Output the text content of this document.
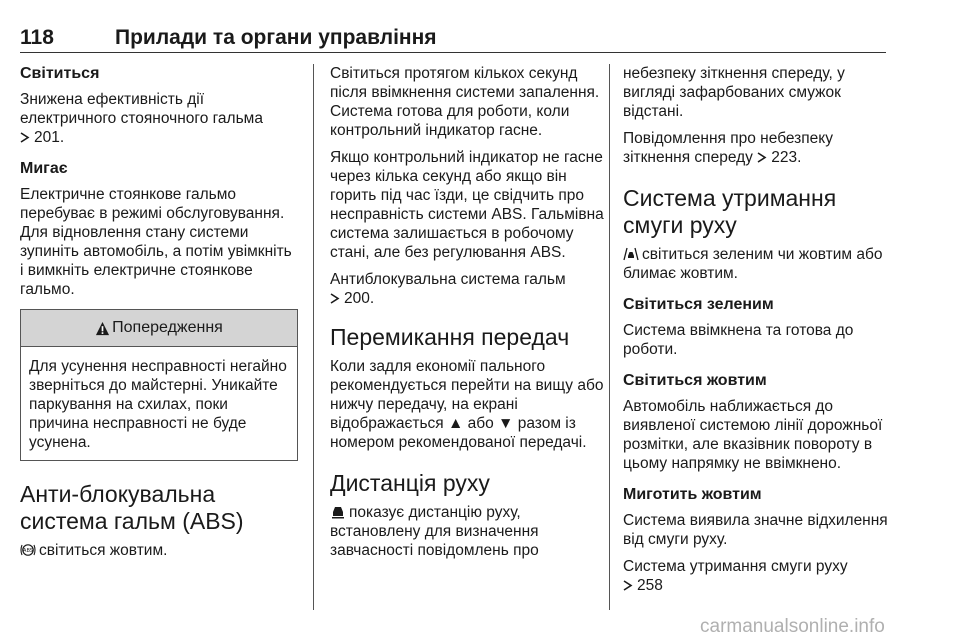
118	Прилади та органи управління
Світиться

Знижена ефективність дії електричного стояночного гальма
201.

Мигає

Електричне стоянкове гальмо перебуває в режимі обслуговування. Для відновлення стану системи зупиніть автомобіль, а потім увімкніть і вимкніть електричне стоянкове гальмо.

Попередження
Для усунення несправності негайно зверніться до майстерні. Уникайте паркування на схилах, поки причина несправності не буде усунена.
Анти-блокувальна система гальм (ABS)

ABS світиться жовтим.

Світиться протягом кількох секунд після ввімкнення системи запалення. Система готова для роботи, коли контрольний індикатор гасне.

Якщо контрольний індикатор не гасне через кілька секунд або якщо він горить під час їзди, це свідчить про несправність системи ABS. Гальмівна система залишається в робочому стані, але без регулювання ABS.

Антиблокувальна система гальм
200.

Перемикання передач

Коли задля економії пального рекомендується перейти на вищу або нижчу передачу, на екрані відображається ▲ або ▼ разом із номером рекомендованої передачі.

Дистанція руху

показує дистанцію руху, встановлену для визначення завчасності повідомлень про

небезпеку зіткнення спереду, у вигляді зафарбованих смужок відстані.

Повідомлення про небезпеку зіткнення спереду 223.

Система утримання смуги руху

світиться зеленим чи жовтим або блимає жовтим.

Світиться зеленим

Система ввімкнена та готова до роботи.

Світиться жовтим

Автомобіль наближається до виявленої системою лінії дорожньої розмітки, але вказівник повороту в цьому напрямку не ввімкнено.

Миготить жовтим

Система виявила значне відхилення від смуги руху.

Система утримання смуги руху
258

carmanualsonline.info
